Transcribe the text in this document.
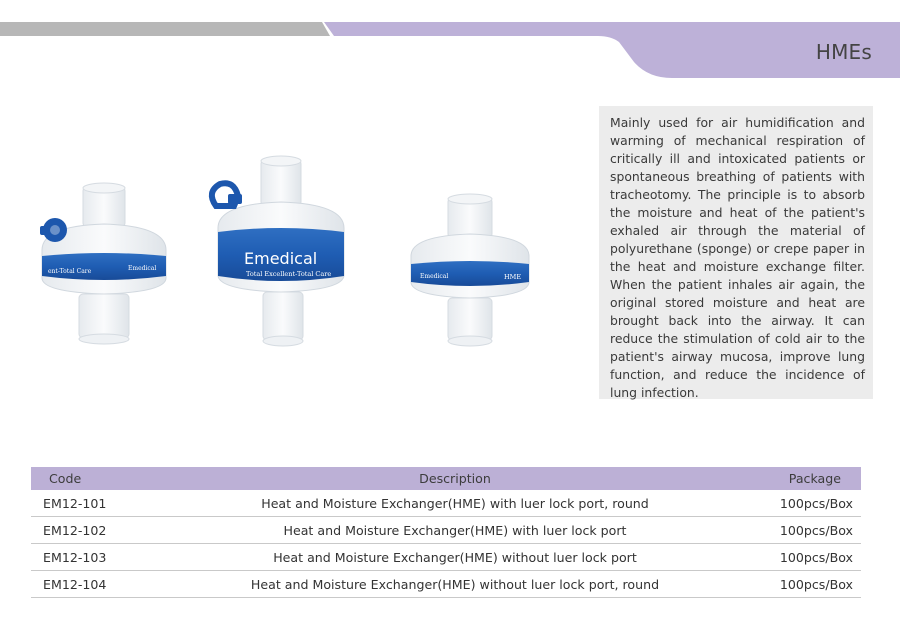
HMEs
ent-Total Care	Emedical
Emedical
Total Excellent-Total Care	Emedical	HME

Mainly used for air humidification and warming of mechanical respiration of critically ill and intoxicated patients or spontaneous breathing of patients with tracheotomy. The principle is to absorb the moisture and heat of the patient's exhaled air through the material of polyurethane (sponge) or crepe paper in the heat and moisture exchange filter. When the patient inhales air again, the original stored moisture and heat are brought back into the airway. It can reduce the stimulation of cold air to the patient's airway mucosa, improve lung function, and reduce the incidence of lung infection.

Code	Description	Package
EM12-101	Heat and Moisture Exchanger(HME) with luer lock port, round	100pcs/Box
EM12-102	Heat and Moisture Exchanger(HME) with luer lock port	100pcs/Box
EM12-103	Heat and Moisture Exchanger(HME) without luer lock port	100pcs/Box
EM12-104	Heat and Moisture Exchanger(HME) without luer lock port, round	100pcs/Box
